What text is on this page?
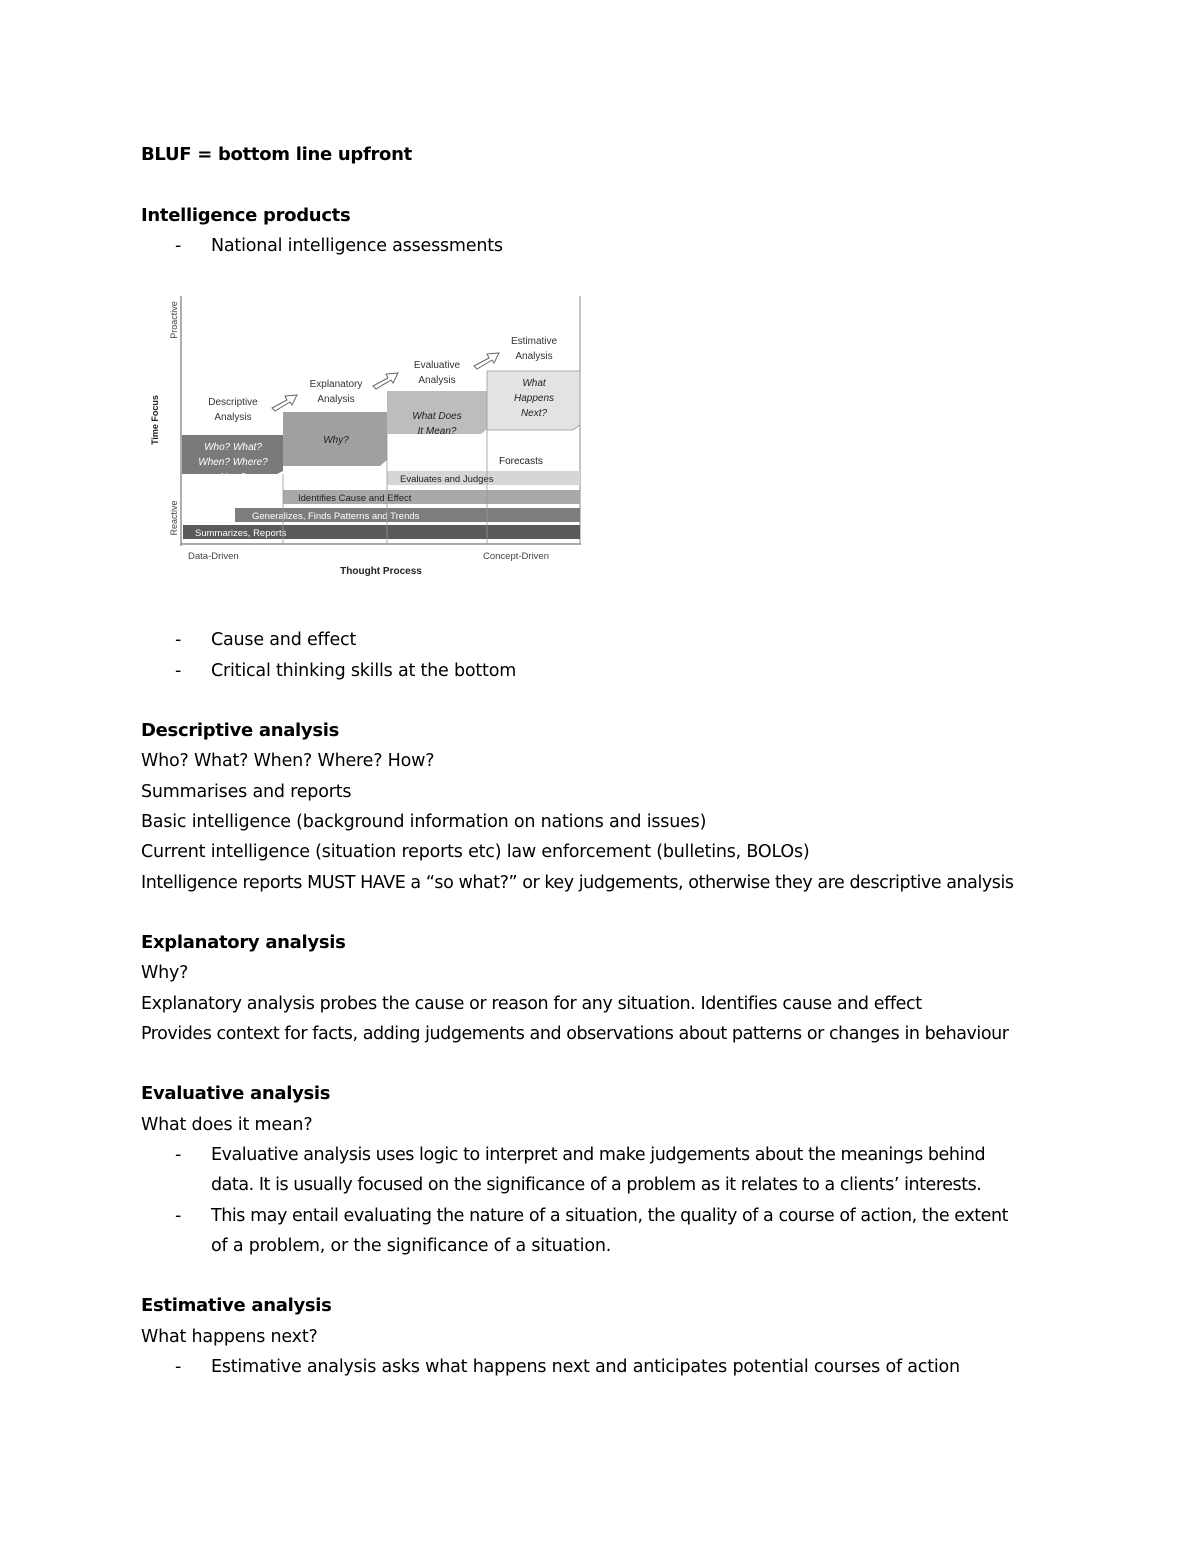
BLUF = bottom line upfront
Intelligence products
- National intelligence assessments
Time Focus
Proactive
Reactive Summarizes, Reports
Generalizes, Finds Patterns and Trends
Identifies Cause and Effect
Evaluates and Judges
Descriptive
Analysis
Who? What?
When? Where?
How?
Explanatory
Analysis
Why?
Evaluative
Analysis
What Does
It Mean?
Estimative
Analysis
What
Happens
Next?
Forecasts
Data-Driven	Concept-Driven
Thought Process
- Cause and effect
- Critical thinking skills at the bottom
Descriptive analysis
Who? What? When? Where? How?
Summarises and reports
Basic intelligence (background information on nations and issues)
Current intelligence (situation reports etc) law enforcement (bulletins, BOLOs)
Intelligence reports MUST HAVE a “so what?” or key judgements, otherwise they are descriptive analysis
Explanatory analysis
Why?
Explanatory analysis probes the cause or reason for any situation. Identifies cause and effect
Provides context for facts, adding judgements and observations about patterns or changes in behaviour
Evaluative analysis
What does it mean?
- Evaluative analysis uses logic to interpret and make judgements about the meanings behind
data. It is usually focused on the significance of a problem as it relates to a clients’ interests.
- This may entail evaluating the nature of a situation, the quality of a course of action, the extent
of a problem, or the significance of a situation.
Estimative analysis
What happens next?
- Estimative analysis asks what happens next and anticipates potential courses of action
